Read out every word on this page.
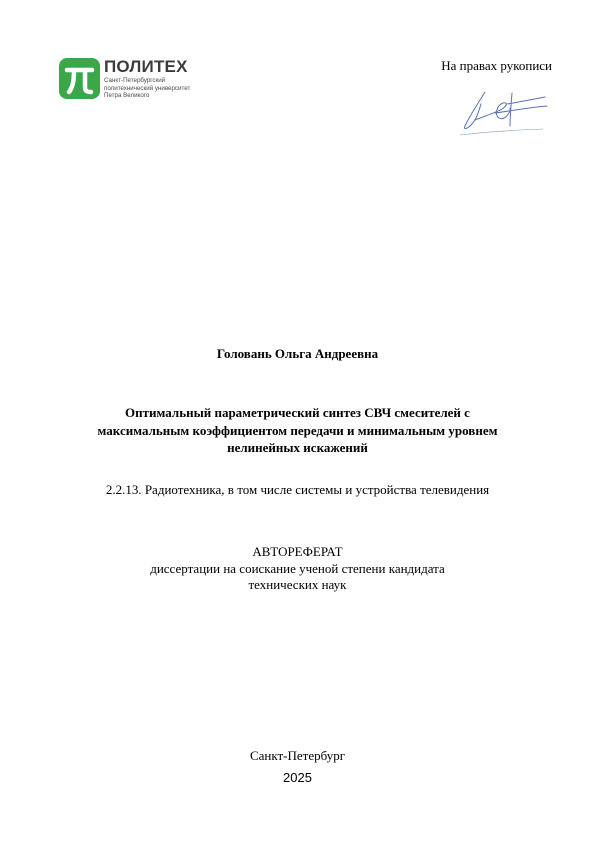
ПОЛИТЕХ
Санкт-Петербургский
политехнический университет
Петра Великого
На правах рукописи
Головань Ольга Андреевна
Оптимальный параметрический синтез СВЧ смесителей с
максимальным коэффициентом передачи и минимальным уровнем
нелинейных искажений
2.2.13. Радиотехника, в том числе системы и устройства телевидения
АВТОРЕФЕРАТ
диссертации на соискание ученой степени кандидата
технических наук
Санкт-Петербург
2025
